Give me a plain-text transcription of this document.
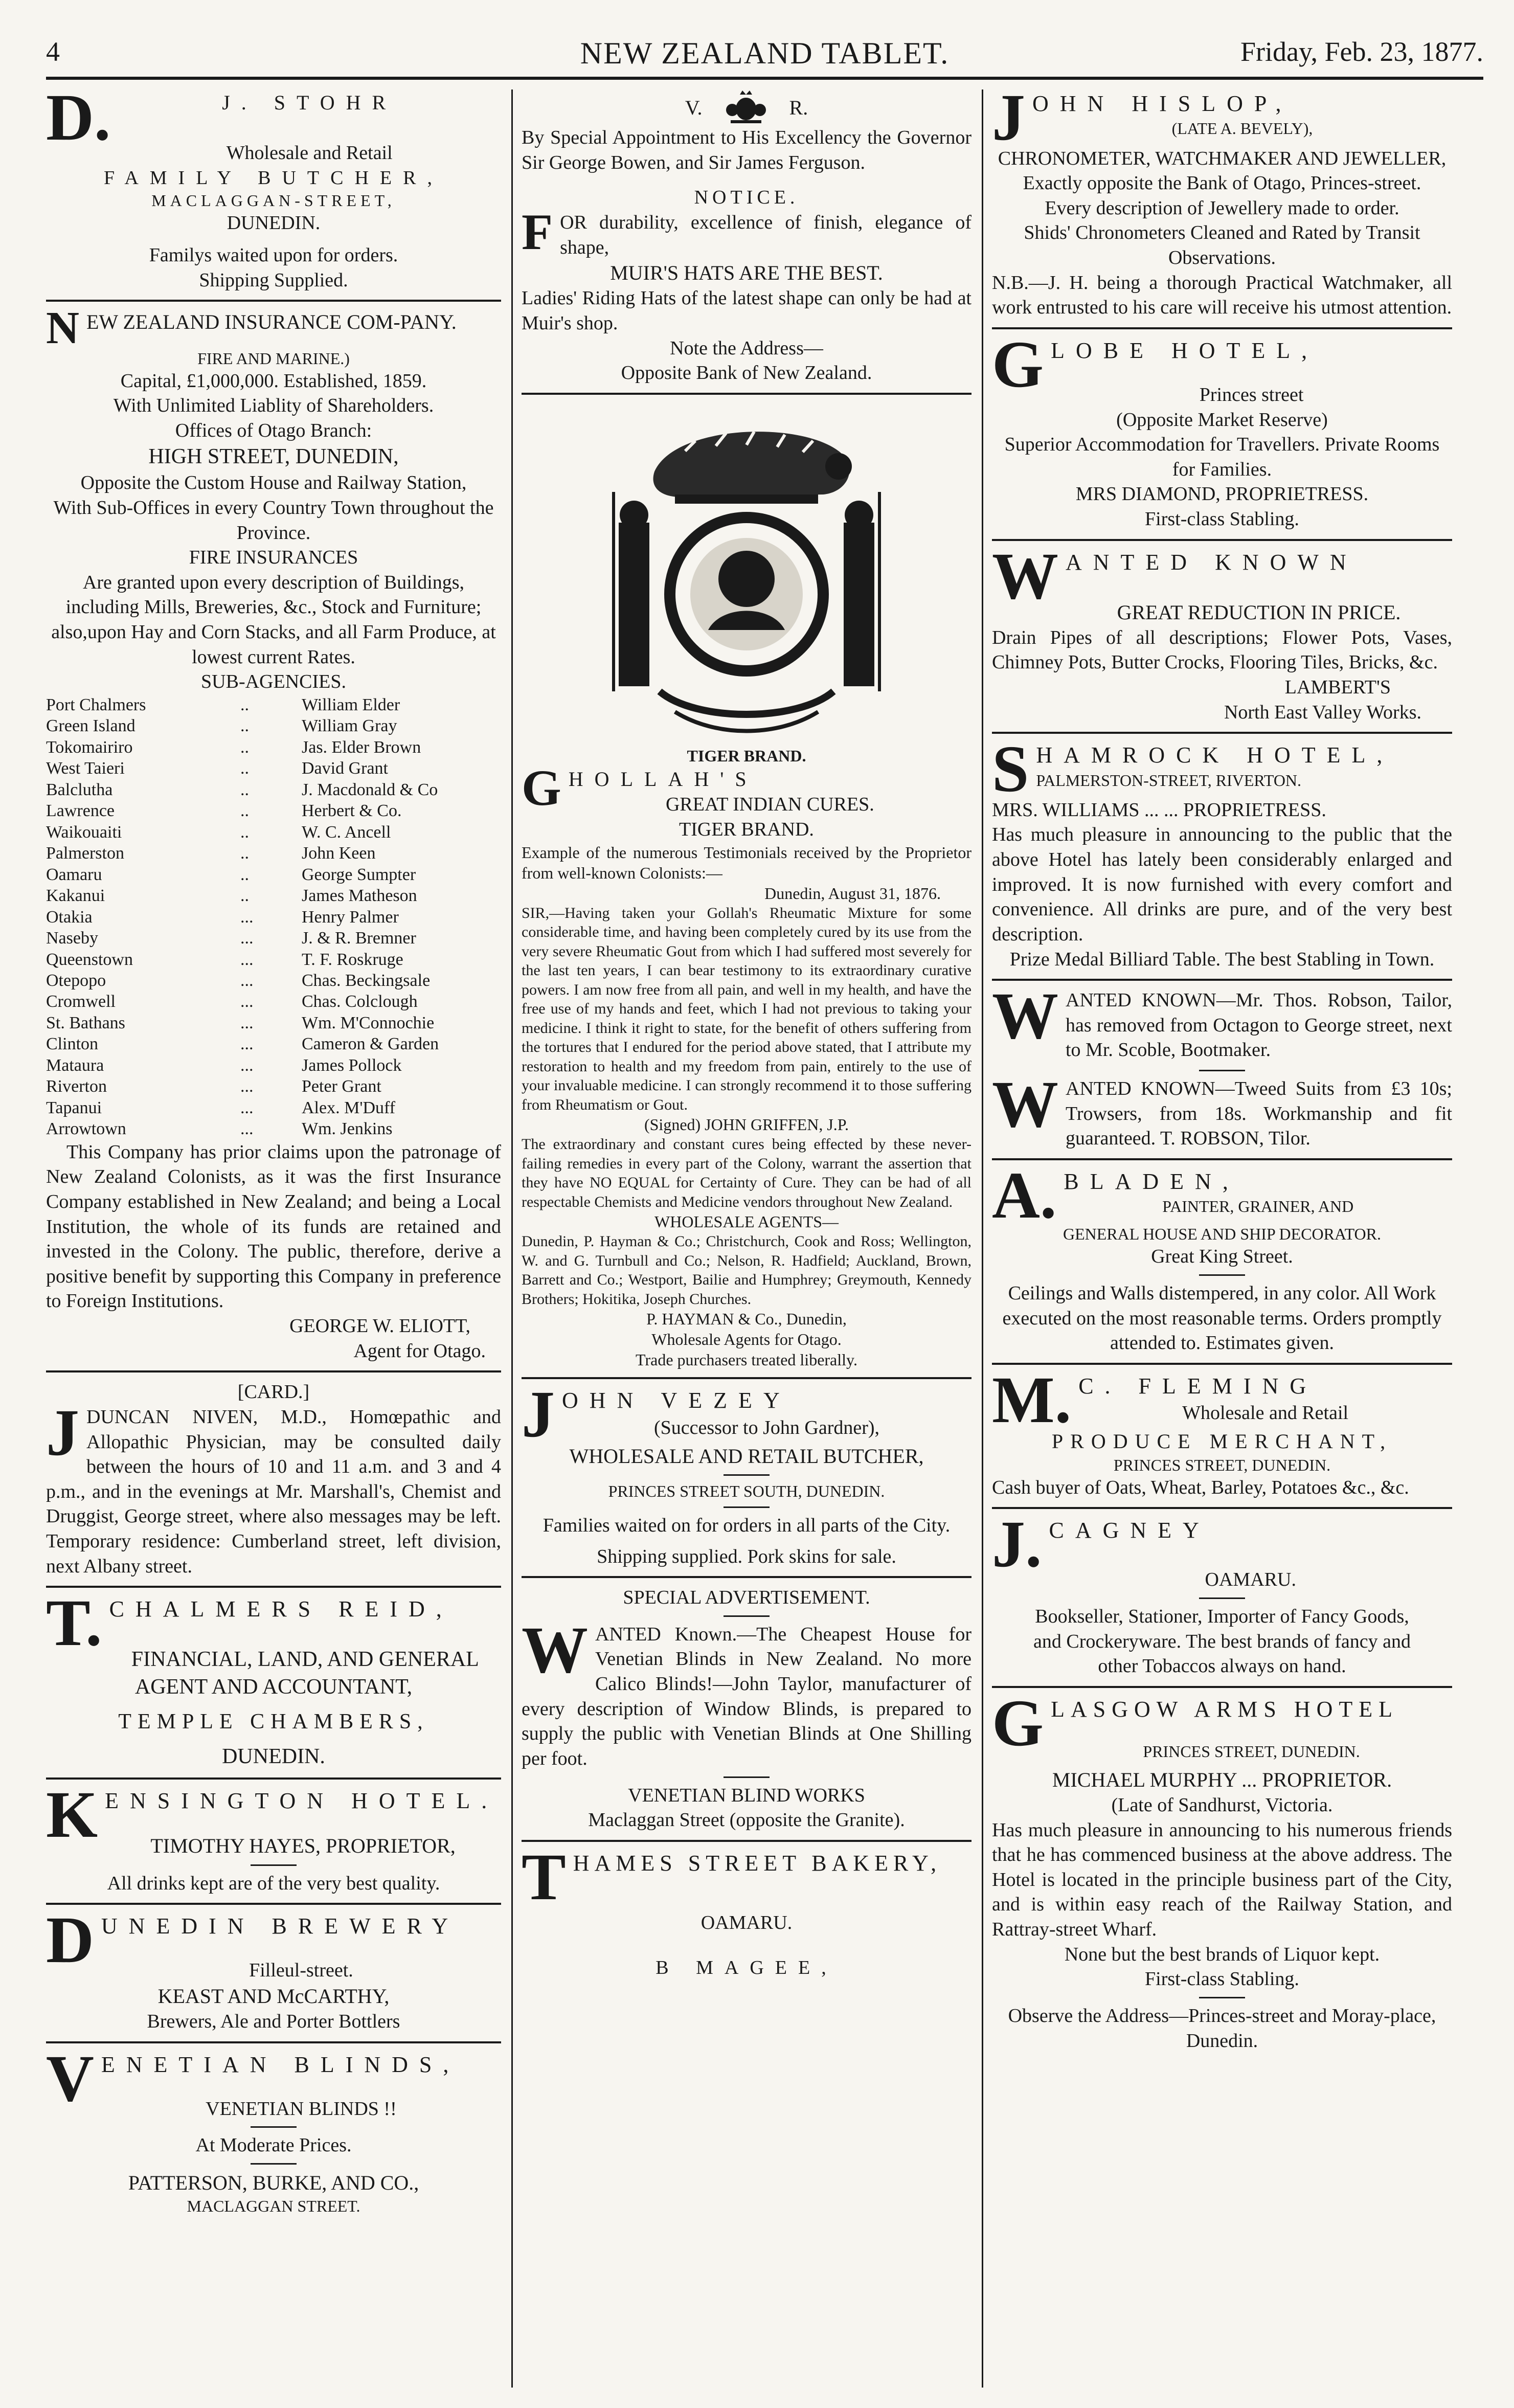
4	NEW ZEALAND TABLET.	Friday, Feb. 23, 1877.
D.	J. STOHR
Wholesale and Retail
FAMILY BUTCHER,
MACLAGGAN-STREET,
DUNEDIN.
Familys waited upon for orders.
Shipping Supplied.
N EW ZEALAND INSURANCE COM-PANY.
FIRE AND MARINE.)
Capital, £1,000,000. Established, 1859.
With Unlimited Liablity of Shareholders.
Offices of Otago Branch:
HIGH STREET, DUNEDIN,
Opposite the Custom House and Railway Station,
With Sub-Offices in every Country Town throughout the Province.
FIRE INSURANCES
Are granted upon every description of Buildings, including Mills, Breweries, &c., Stock and Furniture; also,upon Hay and Corn Stacks, and all Farm Produce, at lowest current Rates.
SUB-AGENCIES.
Port Chalmers	..	William Elder
Green Island	..	William Gray
Tokomairiro	..	Jas. Elder Brown
West Taieri	..	David Grant
Balclutha	..	J. Macdonald & Co
Lawrence	..	Herbert & Co.
Waikouaiti	..	W. C. Ancell
Palmerston	..	John Keen
Oamaru	..	George Sumpter
Kakanui	..	James Matheson
Otakia	...	Henry Palmer
Naseby	...	J. & R. Bremner
Queenstown	...	T. F. Roskruge
Otepopo	...	Chas. Beckingsale
Cromwell	...	Chas. Colclough
St. Bathans	...	Wm. M'Connochie
Clinton	...	Cameron & Garden
Mataura	...	James Pollock
Riverton	...	Peter Grant
Tapanui	...	Alex. M'Duff
Arrowtown	...	Wm. Jenkins
This Company has prior claims upon the patronage of New Zealand Colonists, as it was the first Insurance Company established in New Zealand; and being a Local Institution, the whole of its funds are retained and invested in the Colony. The public, therefore, derive a positive benefit by supporting this Company in preference to Foreign Institutions.
GEORGE W. ELIOTT,
Agent for Otago.
[CARD.]
J DUNCAN NIVEN, M.D., Homœpathic and Allopathic Physician, may be consulted daily between the hours of 10 and 11 a.m. and 3 and 4 p.m., and in the evenings at Mr. Marshall's, Chemist and Druggist, George street, where also messages may be left. Temporary residence: Cumberland street, left division, next Albany street.
T. CHALMERS REID,
FINANCIAL, LAND, AND GENERAL
AGENT AND ACCOUNTANT,
TEMPLE CHAMBERS,
DUNEDIN.
K ENSINGTON HOTEL.
TIMOTHY HAYES, PROPRIETOR,
All drinks kept are of the very best quality.
D UNEDIN BREWERY
Filleul-street.
KEAST AND McCARTHY,
Brewers, Ale and Porter Bottlers
V ENETIAN BLINDS,
VENETIAN BLINDS !!
At Moderate Prices.
PATTERSON, BURKE, AND CO.,
MACLAGGAN STREET.
V.	R.
By Special Appointment to His Excellency the Governor Sir George Bowen, and Sir James Ferguson.
NOTICE.
F OR durability, excellence of finish, elegance of shape,
MUIR'S HATS ARE THE BEST.
Ladies' Riding Hats of the latest shape can only be had at Muir's shop.
Note the Address—
Opposite Bank of New Zealand.
TIGER BRAND.
G HOLLAH'S
GREAT INDIAN CURES.
TIGER BRAND.
Example of the numerous Testimonials received by the Proprietor from well-known Colonists:—
Dunedin, August 31, 1876.
SIR,—Having taken your Gollah's Rheumatic Mixture for some considerable time, and having been completely cured by its use from the very severe Rheumatic Gout from which I had suffered most severely for the last ten years, I can bear testimony to its extraordinary curative powers. I am now free from all pain, and well in my health, and have the free use of my hands and feet, which I had not previous to taking your medicine. I think it right to state, for the benefit of others suffering from the tortures that I endured for the period above stated, that I attribute my restoration to health and my freedom from pain, entirely to the use of your invaluable medicine. I can strongly recommend it to those suffering from Rheumatism or Gout.
(Signed) JOHN GRIFFEN, J.P.
The extraordinary and constant cures being effected by these never-failing remedies in every part of the Colony, warrant the assertion that they have NO EQUAL for Certainty of Cure. They can be had of all respectable Chemists and Medicine vendors throughout New Zealand.
WHOLESALE AGENTS—
Dunedin, P. Hayman & Co.; Christchurch, Cook and Ross; Wellington, W. and G. Turnbull and Co.; Nelson, R. Hadfield; Auckland, Brown, Barrett and Co.; Westport, Bailie and Humphrey; Greymouth, Kennedy Brothers; Hokitika, Joseph Churches.
P. HAYMAN & Co., Dunedin,
Wholesale Agents for Otago.
Trade purchasers treated liberally.
J OHN VEZEY
(Successor to John Gardner),
WHOLESALE AND RETAIL BUTCHER,
PRINCES STREET SOUTH, DUNEDIN.
Families waited on for orders in all parts of the City.
Shipping supplied. Pork skins for sale.
SPECIAL ADVERTISEMENT.
W ANTED Known.—The Cheapest House for Venetian Blinds in New Zealand. No more Calico Blinds!—John Taylor, manufacturer of every description of Window Blinds, is prepared to supply the public with Venetian Blinds at One Shilling per foot.
VENETIAN BLIND WORKS
Maclaggan Street (opposite the Granite).
T HAMES STREET BAKERY,
OAMARU.
B MAGEE,
J OHN HISLOP,
(LATE A. BEVELY),
CHRONOMETER, WATCHMAKER AND JEWELLER,
Exactly opposite the Bank of Otago, Princes-street.
Every description of Jewellery made to order.
Shids' Chronometers Cleaned and Rated by Transit Observations.
N.B.—J. H. being a thorough Practical Watchmaker, all work entrusted to his care will receive his utmost attention.
G LOBE HOTEL,
Princes street
(Opposite Market Reserve)
Superior Accommodation for Travellers. Private Rooms for Families.
MRS DIAMOND, PROPRIETRESS.
First-class Stabling.
W ANTED KNOWN
GREAT REDUCTION IN PRICE.
Drain Pipes of all descriptions; Flower Pots, Vases, Chimney Pots, Butter Crocks, Flooring Tiles, Bricks, &c.
LAMBERT'S
North East Valley Works.
S HAMROCK HOTEL,
PALMERSTON-STREET, RIVERTON.
MRS. WILLIAMS ... ... PROPRIETRESS.
Has much pleasure in announcing to the public that the above Hotel has lately been considerably enlarged and improved. It is now furnished with every comfort and convenience. All drinks are pure, and of the very best description.
Prize Medal Billiard Table. The best Stabling in Town.
W ANTED KNOWN—Mr. Thos. Robson, Tailor, has removed from Octagon to George street, next to Mr. Scoble, Bootmaker.
W ANTED KNOWN—Tweed Suits from £3 10s; Trowsers, from 18s. Workmanship and fit guaranteed. T. ROBSON, Tilor.
A. BLADEN,
PAINTER, GRAINER, AND
GENERAL HOUSE AND SHIP DECORATOR.
Great King Street.
Ceilings and Walls distempered, in any color. All Work executed on the most reasonable terms. Orders promptly attended to. Estimates given.
M. C. FLEMING
Wholesale and Retail
PRODUCE MERCHANT,
PRINCES STREET, DUNEDIN.
Cash buyer of Oats, Wheat, Barley, Potatoes &c., &c.
J. CAGNEY
OAMARU.
Bookseller, Stationer, Importer of Fancy Goods, and Crockeryware. The best brands of fancy and other Tobaccos always on hand.
G LASGOW ARMS HOTEL
PRINCES STREET, DUNEDIN.
MICHAEL MURPHY ... PROPRIETOR.
(Late of Sandhurst, Victoria.
Has much pleasure in announcing to his numerous friends that he has commenced business at the above address. The Hotel is located in the principle business part of the City, and is within easy reach of the Railway Station, and Rattray-street Wharf.
None but the best brands of Liquor kept.
First-class Stabling.
Observe the Address—Princes-street and Moray-place, Dunedin.
